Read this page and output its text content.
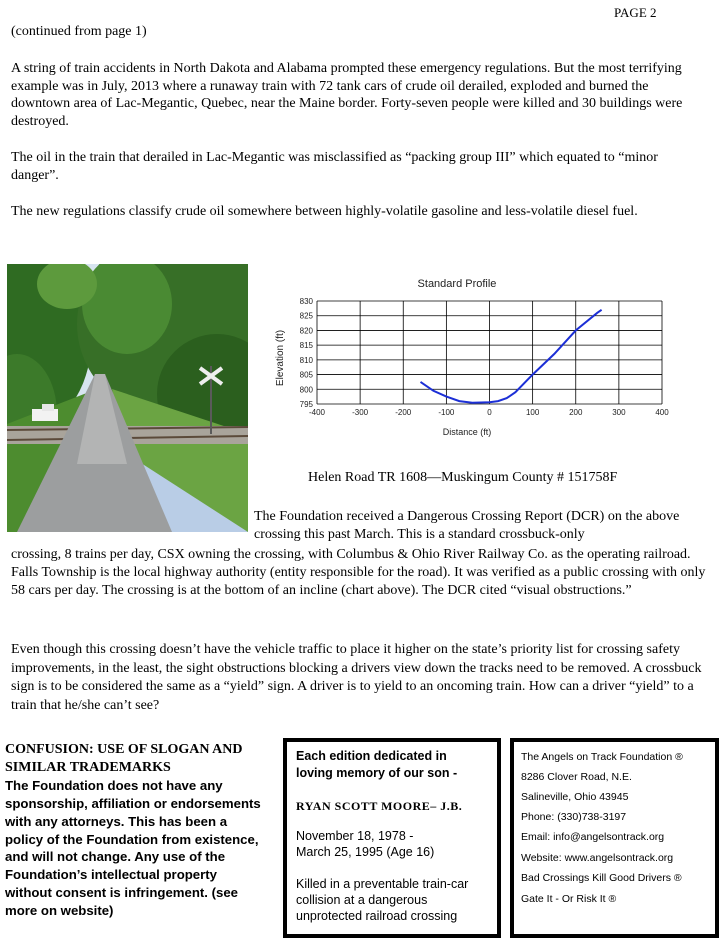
PAGE 2
(continued from page 1)

A string of train accidents in North Dakota and Alabama prompted these emergency regulations. But the most terrifying example was in July, 2013 where a runaway train with 72 tank cars of crude oil derailed, exploded and burned the downtown area of Lac-Megantic, Quebec, near the Maine border. Forty-seven people were killed and 30 buildings were destroyed.

The oil in the train that derailed in Lac-Megantic was misclassified as “packing group III” which equated to “minor danger”.

The new regulations classify crude oil somewhere between highly-volatile gasoline and less-volatile diesel fuel.

Standard Profile
795
800
805
810
815
820
825
830
-400	-300	-200	-100	0	100	200	300	400
Distance (ft)
Elevation (ft)
Helen Road TR 1608—Muskingum County # 151758F

The Foundation received a Dangerous Crossing Report (DCR) on the above crossing this past March. This is a standard crossbuck-only

crossing, 8 trains per day, CSX owning the crossing, with Columbus & Ohio River Railway Co. as the operating railroad. Falls Township is the local highway authority (entity responsible for the road). It was verified as a public crossing with only 58 cars per day. The crossing is at the bottom of an incline (chart above). The DCR cited “visual obstructions.”

Even though this crossing doesn’t have the vehicle traffic to place it higher on the state’s priority list for crossing safety improvements, in the least, the sight obstructions blocking a drivers view down the tracks need to be removed. A crossbuck sign is to be considered the same as a “yield” sign. A driver is to yield to an oncoming train. How can a driver “yield” to a train that he/she can’t see?

CONFUSION: USE OF SLOGAN AND SIMILAR TRADEMARKS
The Foundation does not have any sponsorship, affiliation or endorsements with any attorneys. This has been a policy of the Foundation from existence, and will not change. Any use of the Foundation’s intellectual property without consent is infringement. (see more on website)
Each edition dedicated in
loving memory of our son -
RYAN SCOTT MOORE– J.B.
November 18, 1978 -
March 25, 1995 (Age 16)
Killed in a preventable train-car
collision at a dangerous
unprotected railroad crossing
The Angels on Track Foundation ®
8286 Clover Road, N.E.
Salineville, Ohio 43945
Phone: (330)738-3197
Email: info@angelsontrack.org
Website: www.angelsontrack.org
Bad Crossings Kill Good Drivers ®
Gate It - Or Risk It ®
